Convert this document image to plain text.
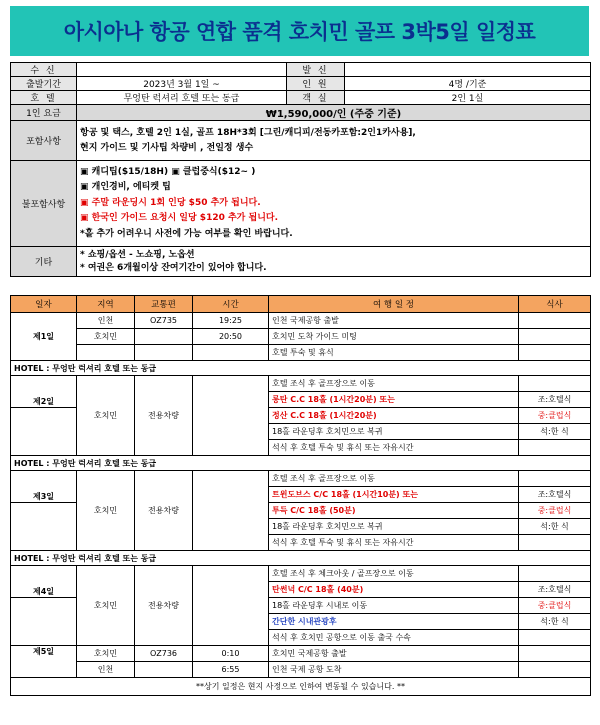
아시아나 항공 연합 품격 호치민 골프 3박5일 일정표
수 신		발 신	
출발기간	2023년 3월 1일 ~	인 원	4명 /기준
호 텔	무엉탄 럭셔리 호텔 또는 동급	객 실	2인 1실
1인 요금	₩1,590,000/인 (주중 기준)		
포함사항	항공 및 택스, 호텔 2인 1실, 골프 18H*3회 [그린/캐디피/전동카포함:2인1카사용],
현지 가이드 및 기사팁 차량비 , 전일정 생수		

불포함사항	▣ 캐디팁($15/18H) ▣ 클럽중식($12~ )
▣ 개인경비, 에티켓 팁
▣ 주말 라운딩시 1회 인당 $50 추가 됩니다.
▣ 한국인 가이드 요청시 일당 $120 추가 됩니다.
*홀 추가 어려우니 사전에 가능 여부를 확인 바랍니다.		

기타	* 쇼핑/옵션 - 노쇼핑, 노옵션
* 여권은 6개월이상 잔여기간이 있어야 합니다.		
일자	지역	교통편	시간	여 행 일 정	식사
제1일	인천	OZ735	19:25	인천 국제공항 출발	
	호치민		20:50	호치민 도착 가이드 미팅	
				호텔 투숙 및 휴식	
HOTEL : 무엉탄 럭셔리 호텔 또는 동급					
제2일	호치민	전용차량		호텔 조식 후 골프장으로 이동	
				롱탄 C.C 18홀 (1시간20분) 또는	조:호텔식
				정산 C.C 18홀 (1시간20분)	중:클럽식
				18홀 라운딩후 호치민으로 복귀	석:한 식
				석식 후 호텔 투숙 및 휴식 또는 자유시간	
HOTEL : 무엉탄 럭셔리 호텔 또는 동급					
제3일	호치민	전용차량		호텔 조식 후 골프장으로 이동	
				트윈도브스 C/C 18홀 (1시간10분) 또는	조:호텔식
				투득 C/C 18홀 (50분)	중:클럽식
				18홀 라운딩후 호치민으로 복귀	석:한 식
				석식 후 호텔 투숙 및 휴식 또는 자유시간	
HOTEL : 무엉탄 럭셔리 호텔 또는 동급					
제4일	호치민	전용차량		호텔 조식 후 체크아웃 / 골프장으로 이동	
				탄썬넉 C/C 18홀 (40분)	조:호텔식
				18홀 라운딩후 시내로 이동	중:클럽식
				간단한 시내관광후	석:한 식
				석식 후 호치민 공항으로 이동 출국 수속	
제5일	호치민	OZ736	0:10	호치민 국제공항 출발	
	인천		6:55	인천 국제 공항 도착	
**상기 일정은 현지 사정으로 인하여 변동될 수 있습니다. **					
